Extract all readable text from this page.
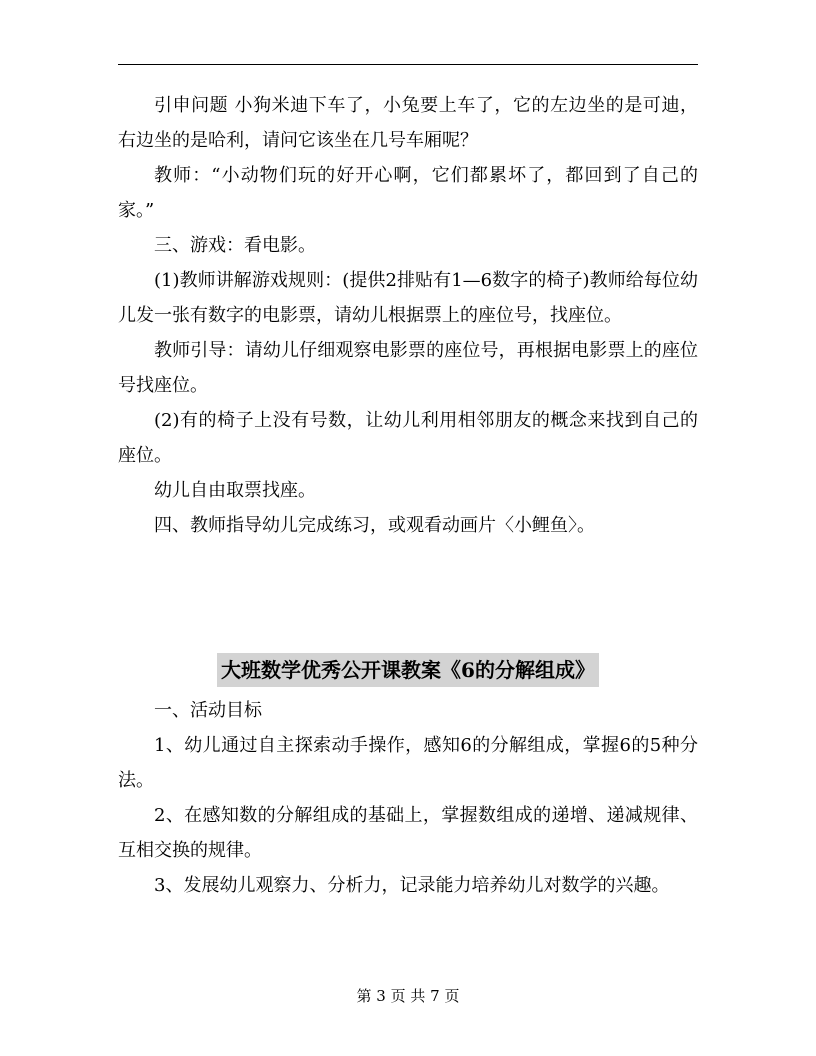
引申问题 小狗米迪下车了，小兔要上车了，它的左边坐的是可迪，右边坐的是哈利，请问它该坐在几号车厢呢？

教师：“小动物们玩的好开心啊，它们都累坏了，都回到了自己的家。”

三、游戏：看电影。

(1)教师讲解游戏规则：(提供2排贴有1—6数字的椅子)教师给每位幼儿发一张有数字的电影票，请幼儿根据票上的座位号，找座位。

教师引导：请幼儿仔细观察电影票的座位号，再根据电影票上的座位号找座位。

(2)有的椅子上没有号数，让幼儿利用相邻朋友的概念来找到自己的座位。

幼儿自由取票找座。

四、教师指导幼儿完成练习，或观看动画片〈小鲤鱼〉。

大班数学优秀公开课教案《6的分解组成》

一、活动目标

1、幼儿通过自主探索动手操作，感知6的分解组成，掌握6的5种分法。

2、在感知数的分解组成的基础上，掌握数组成的递增、递减规律、互相交换的规律。

3、发展幼儿观察力、分析力，记录能力培养幼儿对数学的兴趣。

第 3 页 共 7 页
